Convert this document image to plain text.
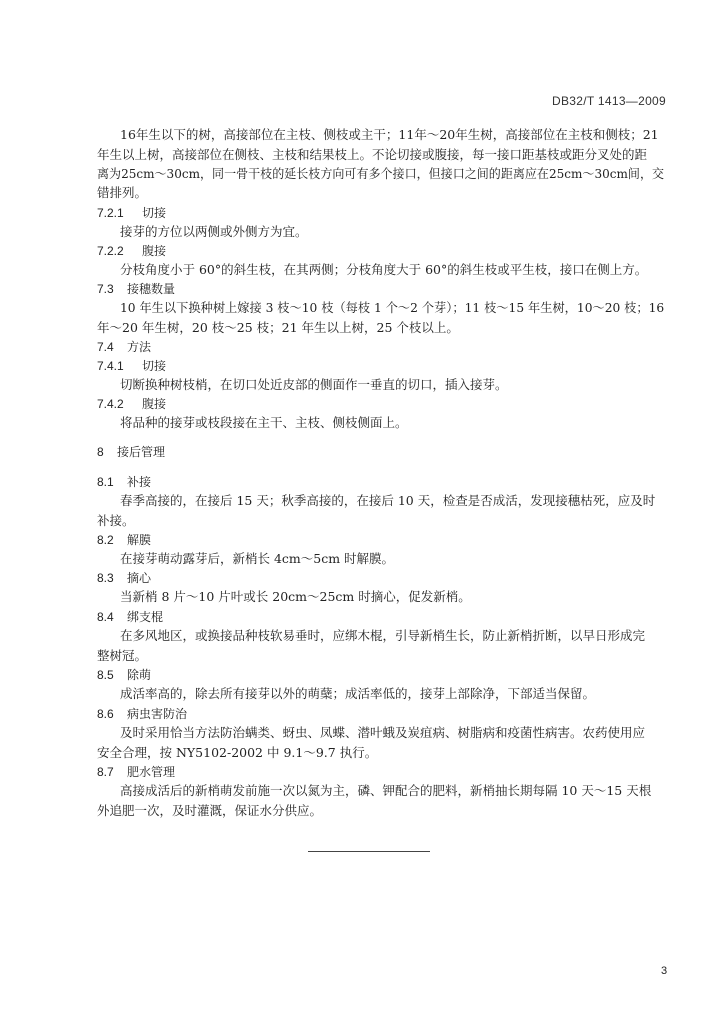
DB32/T 1413—2009
16年生以下的树，高接部位在主枝、侧枝或主干；11年～20年生树，高接部位在主枝和侧枝；21
年生以上树，高接部位在侧枝、主枝和结果枝上。不论切接或腹接，每一接口距基枝或距分叉处的距
离为25cm～30cm，同一骨干枝的延长枝方向可有多个接口，但接口之间的距离应在25cm～30cm间，交
错排列。
7.2.1 切接
接芽的方位以两侧或外侧方为宜。
7.2.2 腹接
分枝角度小于 60°的斜生枝，在其两侧；分枝角度大于 60°的斜生枝或平生枝，接口在侧上方。
7.3 接穗数量
10 年生以下换种树上嫁接 3 枝～10 枝（每枝 1 个～2 个芽）；11 枝～15 年生树，10～20 枝；16
年～20 年生树，20 枝～25 枝；21 年生以上树，25 个枝以上。
7.4 方法
7.4.1 切接
切断换种树枝梢，在切口处近皮部的侧面作一垂直的切口，插入接芽。
7.4.2 腹接
将品种的接芽或枝段接在主干、主枝、侧枝侧面上。
8 接后管理
8.1 补接
春季高接的，在接后 15 天；秋季高接的，在接后 10 天，检查是否成活，发现接穗枯死，应及时
补接。
8.2 解膜
在接芽萌动露芽后，新梢长 4cm～5cm 时解膜。
8.3 摘心
当新梢 8 片～10 片叶或长 20cm～25cm 时摘心，促发新梢。
8.4 绑支棍
在多风地区，或换接品种枝软易垂时，应绑木棍，引导新梢生长，防止新梢折断，以早日形成完
整树冠。
8.5 除萌
成活率高的，除去所有接芽以外的萌蘖；成活率低的，接芽上部除净，下部适当保留。
8.6 病虫害防治
及时采用恰当方法防治螨类、蚜虫、凤蝶、潜叶蛾及炭疽病、树脂病和疫菌性病害。农药使用应
安全合理，按 NY5102-2002 中 9.1～9.7 执行。
8.7 肥水管理
高接成活后的新梢萌发前施一次以氮为主，磷、钾配合的肥料，新梢抽长期每隔 10 天～15 天根
外追肥一次，及时灌溉，保证水分供应。
3
